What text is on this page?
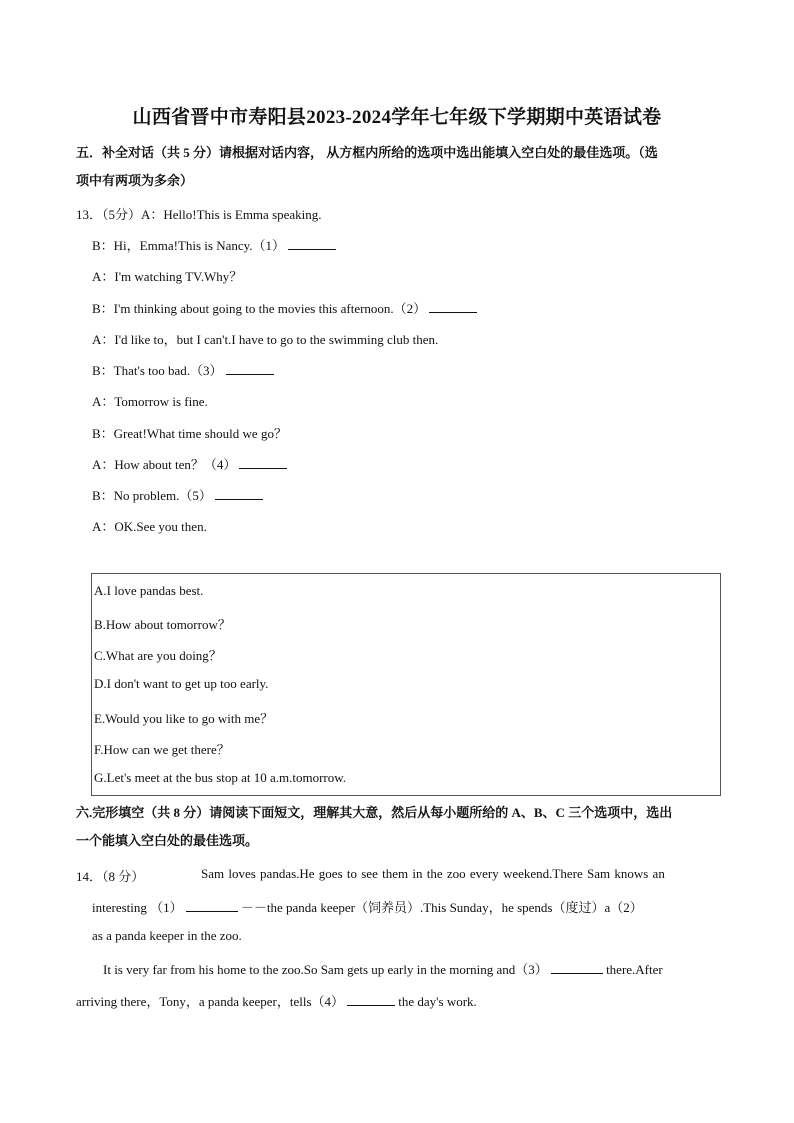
山西省晋中市寿阳县2023-2024学年七年级下学期期中英语试卷
五．补全对话（共 5 分）请根据对话内容， 从方框内所给的选项中选出能填入空白处的最佳选项。（选
项中有两项为多余）
13．（5分）A：Hello!This is Emma speaking.
B：Hi，Emma!This is Nancy.（1）
A：I'm watching TV.Why？
B：I'm thinking about going to the movies this afternoon.（2）
A：I'd like to，but I can't.I have to go to the swimming club then.
B：That's too bad.（3）
A：Tomorrow is fine.
B：Great!What time should we go？
A：How about ten？（4）
B：No problem.（5）
A：OK.See you then.
A.I love pandas best.
B.How about tomorrow？
C.What are you doing？
D.I don't want to get up too early.
E.Would you like to go with me？
F.How can we get there？
G.Let's meet at the bus stop at 10 a.m.tomorrow.
六.完形填空（共 8 分）请阅读下面短文，理解其大意，然后从每小题所给的 A、B、C 三个选项中，选出
一个能填入空白处的最佳选项。
14．（8 分）	Sam loves pandas.He goes to see them in the zoo every weekend.There Sam knows an
interesting （1）	－－the panda keeper（饲养员）.This Sunday，he spends（度过）a（2）
as a panda keeper in the zoo.
It is very far from his home to the zoo.So Sam gets up early in the morning and（3）	there.After
arriving there，Tony，a panda keeper，tells（4）	the day's work.
